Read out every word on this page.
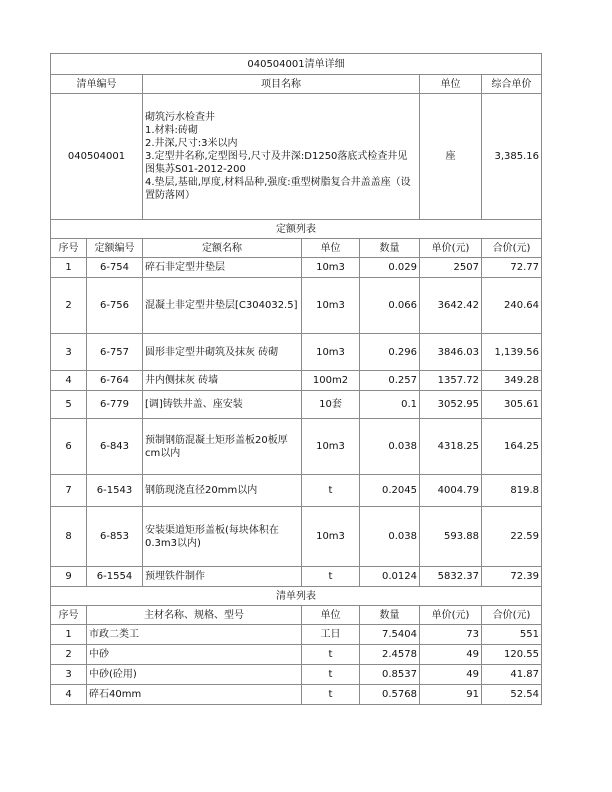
040504001清单详细						
清单编号		项目名称			单位	综合单价
040504001		砌筑污水检查井
1.材料:砖砌
2.井深,尺寸:3米以内
3.定型井名称,定型图号,尺寸及井深:D1250落底式检查井见图集苏S01-2012-200
4.垫层,基础,厚度,材料品种,强度:重型树脂复合井盖盖座（设置防落网）			座	3,385.16
定额列表						
序号	定额编号	定额名称	单位	数量	单价(元)	合价(元)
1	6-754	碎石非定型井垫层	10m3	0.029	2507	72.77
2	6-756	混凝土非定型井垫层[C304032.5]	10m3	0.066	3642.42	240.64
3	6-757	圆形非定型井砌筑及抹灰 砖砌	10m3	0.296	3846.03	1,139.56
4	6-764	井内侧抹灰 砖墙	100m2	0.257	1357.72	349.28
5	6-779	[调]铸铁井盖、座安装	10套	0.1	3052.95	305.61
6	6-843	预制钢筋混凝土矩形盖板20板厚cm以内	10m3	0.038	4318.25	164.25
7	6-1543	钢筋现浇直径20mm以内	t	0.2045	4004.79	819.8
8	6-853	安装渠道矩形盖板(每块体积在0.3m3以内)	10m3	0.038	593.88	22.59
9	6-1554	预埋铁件制作	t	0.0124	5832.37	72.39
清单列表						
序号	主材名称、规格、型号		单位	数量	单价(元)	合价(元)
1	市政二类工		工日	7.5404	73	551
2	中砂		t	2.4578	49	120.55
3	中砂(砼用)		t	0.8537	49	41.87
4	碎石40mm		t	0.5768	91	52.54
